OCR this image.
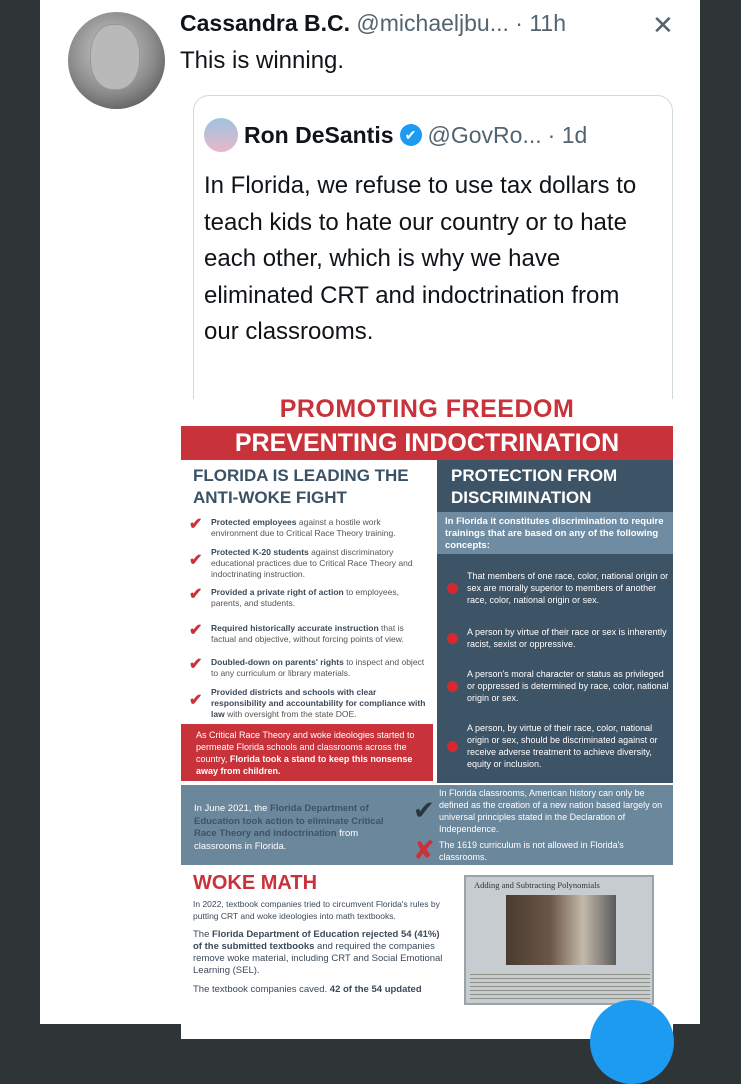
Cassandra B.C. @michaeljbu... · 11h	✕
This is winning.
Ron DeSantis ✔ @GovRo... · 1d
In Florida, we refuse to use tax dollars to teach kids to hate our country or to hate each other, which is why we have eliminated CRT and indoctrination from our classrooms.
PROMOTING FREEDOM
PREVENTING INDOCTRINATION
FLORIDA IS LEADING THE ANTI-WOKE FIGHT
✔ Protected employees against a hostile work environment due to Critical Race Theory training.
✔ Protected K-20 students against discriminatory educational practices due to Critical Race Theory and indoctrinating instruction.
✔ Provided a private right of action to employees, parents, and students.
✔ Required historically accurate instruction that is factual and objective, without forcing points of view.
✔ Doubled-down on parents' rights to inspect and object to any curriculum or library materials.
✔ Provided districts and schools with clear responsibility and accountability for compliance with law with oversight from the state DOE.
As Critical Race Theory and woke ideologies started to permeate Florida schools and classrooms across the country, Florida took a stand to keep this nonsense away from children.
PROTECTION FROM DISCRIMINATION
In Florida it constitutes discrimination to require trainings that are based on any of the following concepts:
That members of one race, color, national origin or sex are morally superior to members of another race, color, national origin or sex.
A person by virtue of their race or sex is inherently racist, sexist or oppressive.
A person's moral character or status as privileged or oppressed is determined by race, color, national origin or sex.
A person, by virtue of their race, color, national origin or sex, should be discriminated against or receive adverse treatment to achieve diversity, equity or inclusion.
In June 2021, the Florida Department of Education took action to eliminate Critical Race Theory and indoctrination from classrooms in Florida.
✔
In Florida classrooms, American history can only be defined as the creation of a new nation based largely on universal principles stated in the Declaration of Independence.
✘ The 1619 curriculum is not allowed in Florida's classrooms.
WOKE MATH
In 2022, textbook companies tried to circumvent Florida's rules by putting CRT and woke ideologies into math textbooks.
The Florida Department of Education rejected 54 (41%) of the submitted textbooks and required the companies remove woke material, including CRT and Social Emotional Learning (SEL).
The textbook companies caved. 42 of the 54 updated
Adding and Subtracting Polynomials
